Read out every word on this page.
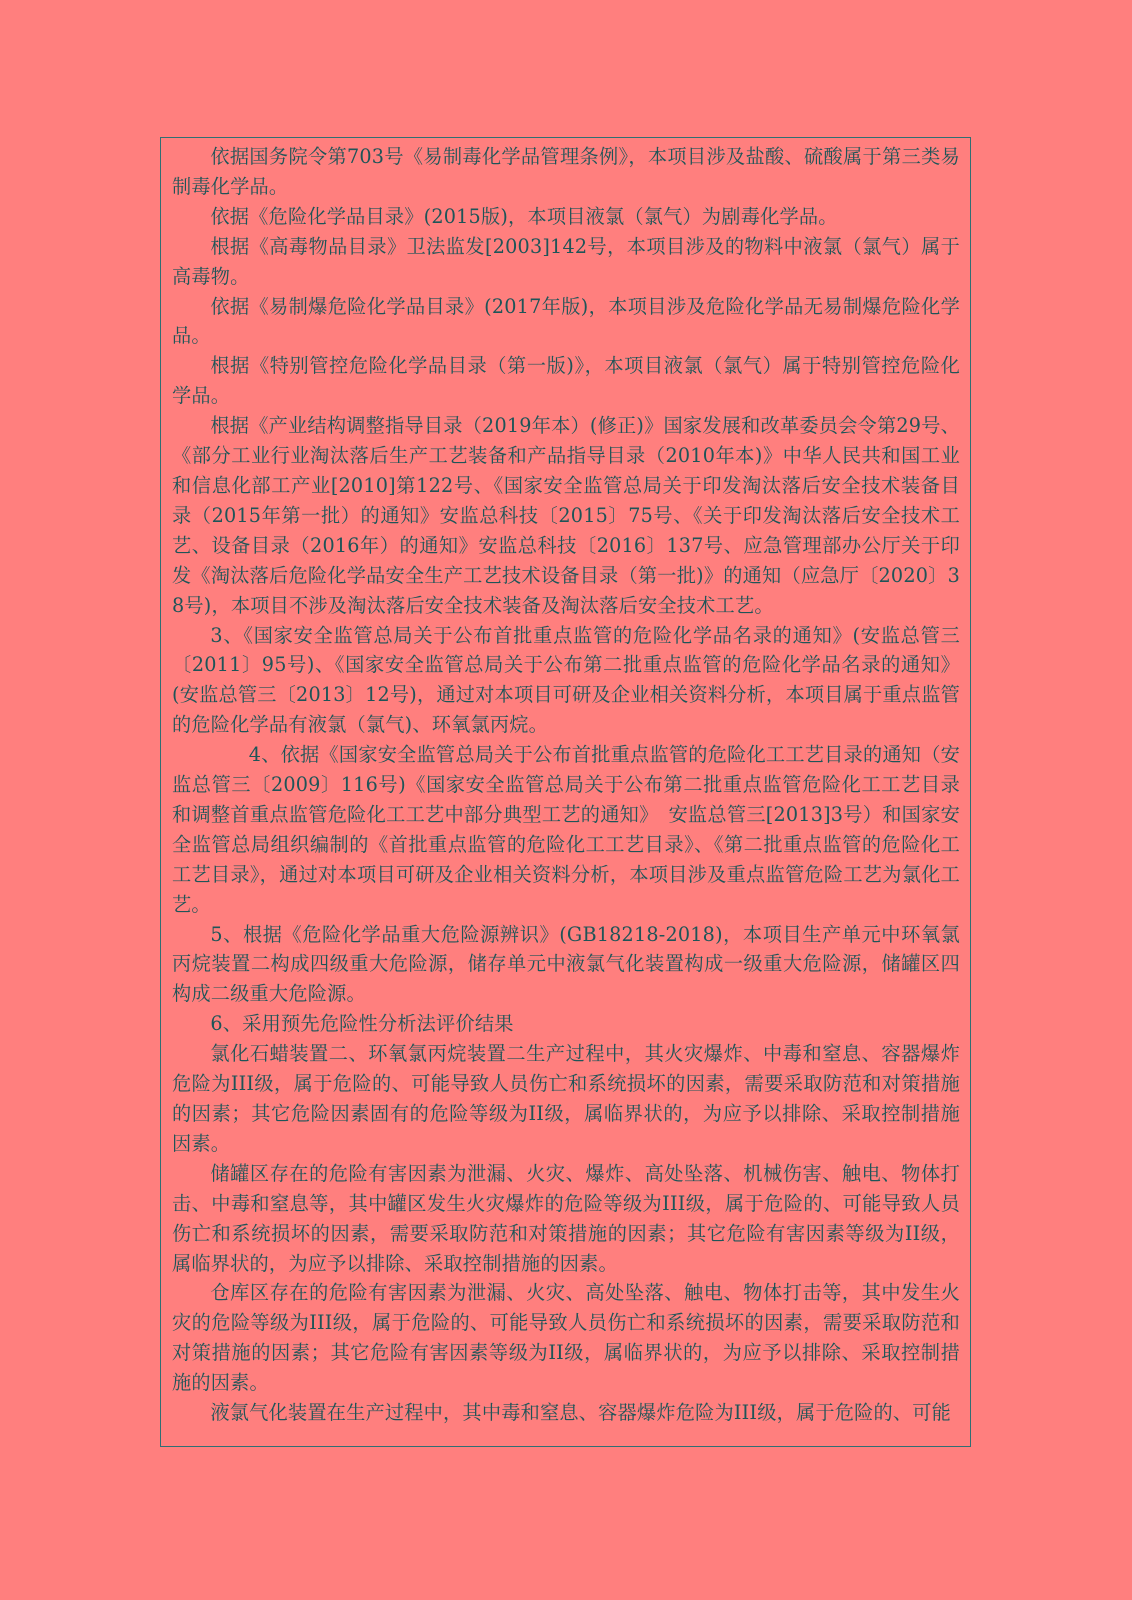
依据国务院令第703号《易制毒化学品管理条例》，本项目涉及盐酸、硫酸属于第三类易制毒化学品。

依据《危险化学品目录》(2015版)，本项目液氯（氯气）为剧毒化学品。

根据《高毒物品目录》卫法监发[2003]142号，本项目涉及的物料中液氯（氯气）属于高毒物。

依据《易制爆危险化学品目录》(2017年版)，本项目涉及危险化学品无易制爆危险化学品。

根据《特别管控危险化学品目录（第一版)》，本项目液氯（氯气）属于特别管控危险化学品。

根据《产业结构调整指导目录（2019年本）(修正)》国家发展和改革委员会令第29号、《部分工业行业淘汰落后生产工艺装备和产品指导目录（2010年本)》中华人民共和国工业和信息化部工产业[2010]第122号、《国家安全监管总局关于印发淘汰落后安全技术装备目录（2015年第一批）的通知》安监总科技〔2015〕75号、《关于印发淘汰落后安全技术工艺、设备目录（2016年）的通知》安监总科技〔2016〕137号、应急管理部办公厅关于印发《淘汰落后危险化学品安全生产工艺技术设备目录（第一批)》的通知（应急厅〔2020〕38号)，本项目不涉及淘汰落后安全技术装备及淘汰落后安全技术工艺。

3、《国家安全监管总局关于公布首批重点监管的危险化学品名录的通知》(安监总管三〔2011〕95号)、《国家安全监管总局关于公布第二批重点监管的危险化学品名录的通知》(安监总管三〔2013〕12号)，通过对本项目可研及企业相关资料分析，本项目属于重点监管的危险化学品有液氯（氯气)、环氧氯丙烷。

4、依据《国家安全监管总局关于公布首批重点监管的危险化工工艺目录的通知（安监总管三〔2009〕116号)《国家安全监管总局关于公布第二批重点监管危险化工工艺目录和调整首重点监管危险化工工艺中部分典型工艺的通知》　安监总管三[2013]3号）和国家安全监管总局组织编制的《首批重点监管的危险化工工艺目录》、《第二批重点监管的危险化工工艺目录》，通过对本项目可研及企业相关资料分析，本项目涉及重点监管危险工艺为氯化工艺。

5、根据《危险化学品重大危险源辨识》(GB18218-2018)，本项目生产单元中环氧氯丙烷装置二构成四级重大危险源，储存单元中液氯气化装置构成一级重大危险源，储罐区四构成二级重大危险源。

6、采用预先危险性分析法评价结果

氯化石蜡装置二、环氧氯丙烷装置二生产过程中，其火灾爆炸、中毒和窒息、容器爆炸危险为III级，属于危险的、可能导致人员伤亡和系统损坏的因素，需要采取防范和对策措施的因素；其它危险因素固有的危险等级为II级，属临界状的，为应予以排除、采取控制措施因素。

储罐区存在的危险有害因素为泄漏、火灾、爆炸、高处坠落、机械伤害、触电、物体打击、中毒和窒息等，其中罐区发生火灾爆炸的危险等级为III级，属于危险的、可能导致人员伤亡和系统损坏的因素，需要采取防范和对策措施的因素；其它危险有害因素等级为II级，属临界状的，为应予以排除、采取控制措施的因素。

仓库区存在的危险有害因素为泄漏、火灾、高处坠落、触电、物体打击等，其中发生火灾的危险等级为III级，属于危险的、可能导致人员伤亡和系统损坏的因素，需要采取防范和对策措施的因素；其它危险有害因素等级为II级，属临界状的，为应予以排除、采取控制措施的因素。

液氯气化装置在生产过程中，其中毒和窒息、容器爆炸危险为III级，属于危险的、可能
